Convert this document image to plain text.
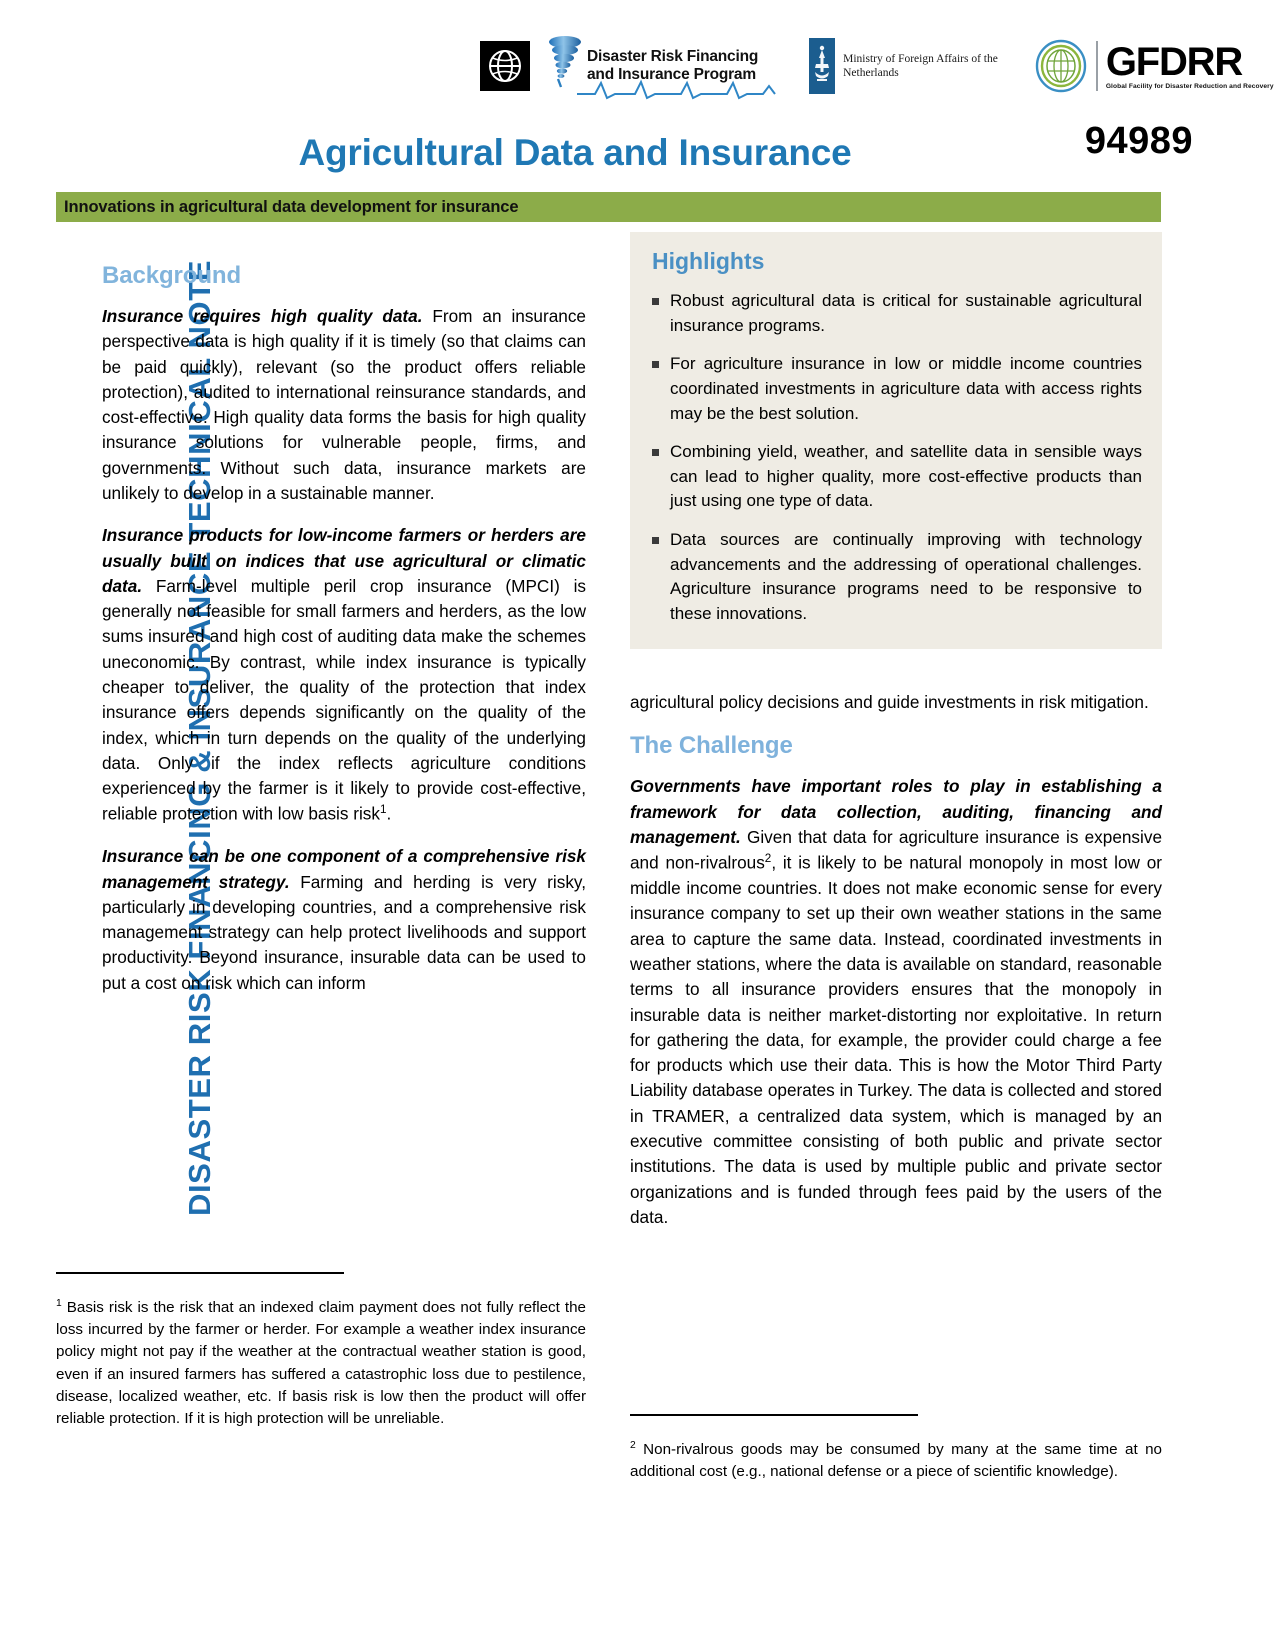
Disaster Risk Financing
and Insurance Program
Ministry of Foreign Affairs of the
Netherlands	GFDRR
Global Facility for Disaster Reduction and Recovery
94989
Agricultural Data and Insurance
Innovations in agricultural data development for insurance
DISASTER RISK FINANCING & INSURANCE TECHNICAL NOTE
Background

Insurance requires high quality data. From an insurance perspective data is high quality if it is timely (so that claims can be paid quickly), relevant (so the product offers reliable protection), audited to international reinsurance standards, and cost-effective. High quality data forms the basis for high quality insurance solutions for vulnerable people, firms, and governments. Without such data, insurance markets are unlikely to develop in a sustainable manner.

Insurance products for low-income farmers or herders are usually built on indices that use agricultural or climatic data. Farm-level multiple peril crop insurance (MPCI) is generally not feasible for small farmers and herders, as the low sums insured and high cost of auditing data make the schemes uneconomic. By contrast, while index insurance is typically cheaper to deliver, the quality of the protection that index insurance offers depends significantly on the quality of the index, which in turn depends on the quality of the underlying data. Only if the index reflects agriculture conditions experienced by the farmer is it likely to provide cost-effective, reliable protection with low basis risk$^1$.

Insurance can be one component of a comprehensive risk management strategy. Farming and herding is very risky, particularly in developing countries, and a comprehensive risk management strategy can help protect livelihoods and support productivity. Beyond insurance, insurable data can be used to put a cost on risk which can inform

$^1$ Basis risk is the risk that an indexed claim payment does not fully reflect the loss incurred by the farmer or herder. For example a weather index insurance policy might not pay if the weather at the contractual weather station is good, even if an insured farmers has suffered a catastrophic loss due to pestilence, disease, localized weather, etc. If basis risk is low then the product will offer reliable protection. If it is high protection will be unreliable.

Highlights
Robust agricultural data is critical for sustainable agricultural insurance programs.
For agriculture insurance in low or middle income countries coordinated investments in agriculture data with access rights may be the best solution.
Combining yield, weather, and satellite data in sensible ways can lead to higher quality, more cost-effective products than just using one type of data.
Data sources are continually improving with technology advancements and the addressing of operational challenges. Agriculture insurance programs need to be responsive to these innovations.

agricultural policy decisions and guide investments in risk mitigation.

The Challenge

Governments have important roles to play in establishing a framework for data collection, auditing, financing and management. Given that data for agriculture insurance is expensive and non-rivalrous$^2$, it is likely to be natural monopoly in most low or middle income countries. It does not make economic sense for every insurance company to set up their own weather stations in the same area to capture the same data. Instead, coordinated investments in weather stations, where the data is available on standard, reasonable terms to all insurance providers ensures that the monopoly in insurable data is neither market-distorting nor exploitative. In return for gathering the data, for example, the provider could charge a fee for products which use their data. This is how the Motor Third Party Liability database operates in Turkey. The data is collected and stored in TRAMER, a centralized data system, which is managed by an executive committee consisting of both public and private sector institutions. The data is used by multiple public and private sector organizations and is funded through fees paid by the users of the data.

$^2$ Non-rivalrous goods may be consumed by many at the same time at no additional cost (e.g., national defense or a piece of scientific knowledge).
